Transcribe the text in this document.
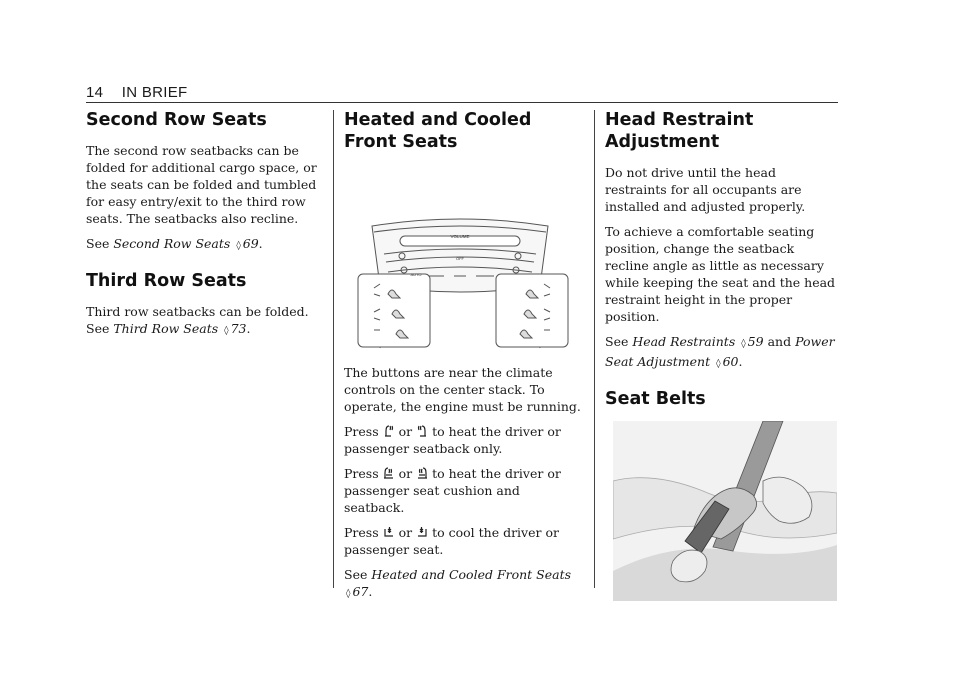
14 IN BRIEF
Second Row Seats

The second row seatbacks can be folded for additional cargo space, or the seats can be folded and tumbled for easy entry/exit to the third row seats. The seatbacks also recline.

See Second Row Seats ◊ 69.

Third Row Seats

Third row seatbacks can be folded. See Third Row Seats ◊ 73.

Heated and Cooled Front Seats
VOLUME
OFF
AUTO

The buttons are near the climate controls on the center stack. To operate, the engine must be running.

Press or to heat the driver or passenger seatback only.

Press or to heat the driver or passenger seat cushion and seatback.

Press or to cool the driver or passenger seat.

See Heated and Cooled Front Seats
◊ 67.

Head Restraint Adjustment

Do not drive until the head restraints for all occupants are installed and adjusted properly.

To achieve a comfortable seating position, change the seatback recline angle as little as necessary while keeping the seat and the head restraint height in the proper position.

See Head Restraints ◊ 59 and Power Seat Adjustment ◊ 60.

Seat Belts
